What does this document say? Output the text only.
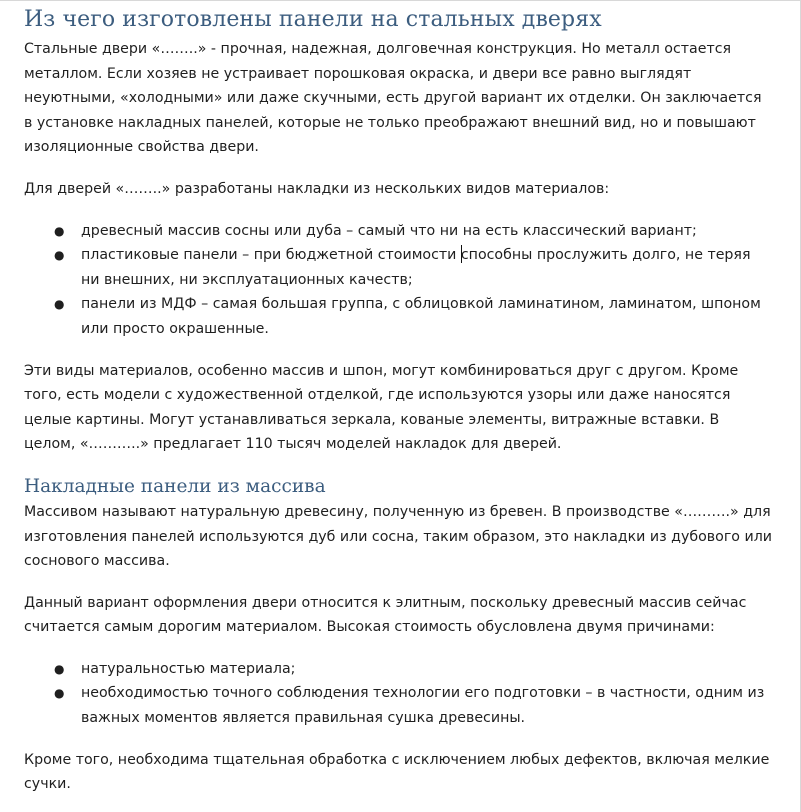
Из чего изготовлены панели на стальных дверях

Стальные двери «……..» - прочная, надежная, долговечная конструкция. Но металл остается металлом. Если хозяев не устраивает порошковая окраска, и двери все равно выглядят неуютными, «холодными» или даже скучными, есть другой вариант их отделки. Он заключается в установке накладных панелей, которые не только преображают внешний вид, но и повышают изоляционные свойства двери.

Для дверей «……..» разработаны накладки из нескольких видов материалов:

● древесный массив сосны или дуба – самый что ни на есть классический вариант;
● пластиковые панели – при бюджетной стоимости способны прослужить долго, не теряя ни внешних, ни эксплуатационных качеств;
● панели из МДФ – самая большая группа, с облицовкой ламинатином, ламинатом, шпоном или просто окрашенные.

Эти виды материалов, особенно массив и шпон, могут комбинироваться друг с другом. Кроме того, есть модели с художественной отделкой, где используются узоры или даже наносятся целые картины. Могут устанавливаться зеркала, кованые элементы, витражные вставки. В целом, «………..» предлагает 110 тысяч моделей накладок для дверей.

Накладные панели из массива

Массивом называют натуральную древесину, полученную из бревен. В производстве «……….» для изготовления панелей используются дуб или сосна, таким образом, это накладки из дубового или соснового массива.

Данный вариант оформления двери относится к элитным, поскольку древесный массив сейчас считается самым дорогим материалом. Высокая стоимость обусловлена двумя причинами:

● натуральностью материала;
● необходимостью точного соблюдения технологии его подготовки – в частности, одним из важных моментов является правильная сушка древесины.

Кроме того, необходима тщательная обработка с исключением любых дефектов, включая мелкие сучки.
